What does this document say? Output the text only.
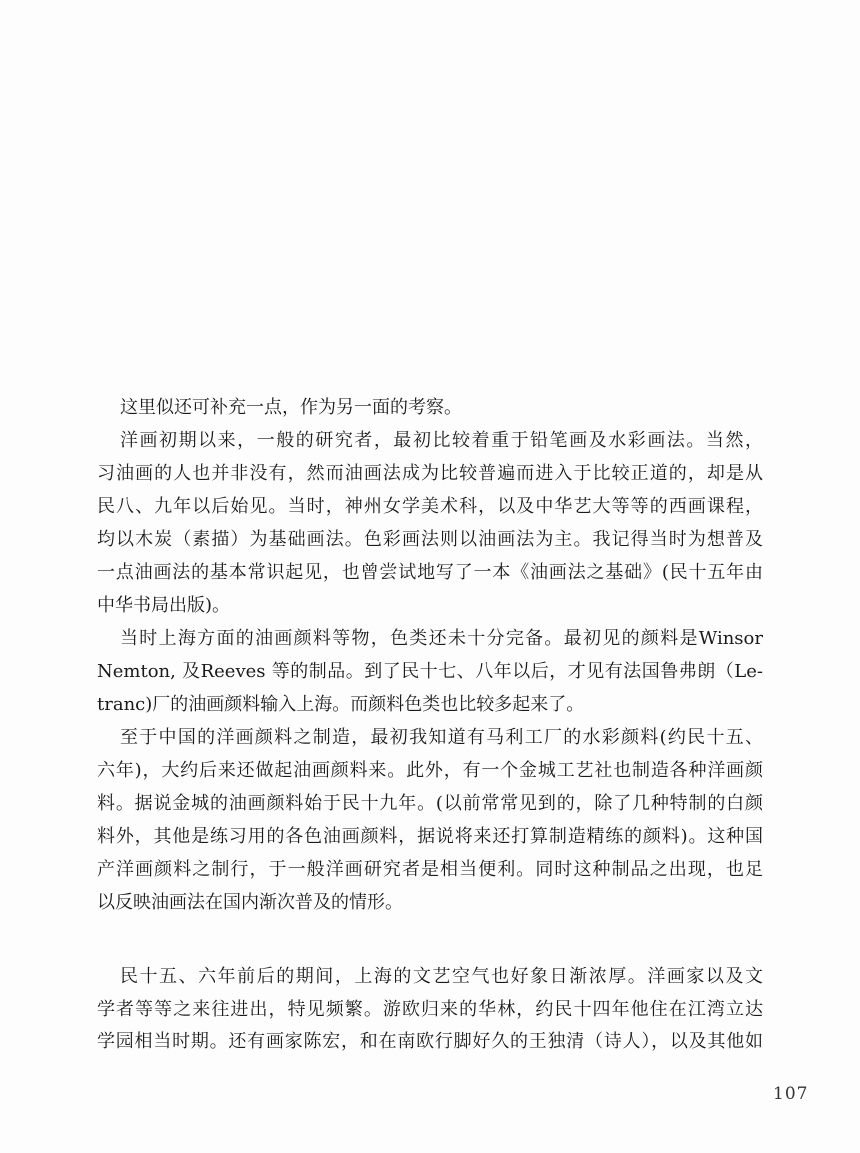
这里似还可补充一点，作为另一面的考察。
洋画初期以来，一般的研究者，最初比较着重于铅笔画及水彩画法。当然，
习油画的人也并非没有，然而油画法成为比较普遍而进入于比较正道的，却是从
民八、九年以后始见。当时，神州女学美术科，以及中华艺大等等的西画课程，
均以木炭（素描）为基础画法。色彩画法则以油画法为主。我记得当时为想普及
一点油画法的基本常识起见，也曾尝试地写了一本《油画法之基础》(民十五年由
中华书局出版)。
当时上海方面的油画颜料等物，色类还未十分完备。最初见的颜料是Winsor
Nemton, 及Reeves 等的制品。到了民十七、八年以后，才见有法国鲁弗朗（Le-
tranc)厂的油画颜料输入上海。而颜料色类也比较多起来了。
至于中国的洋画颜料之制造，最初我知道有马利工厂的水彩颜料(约民十五、
六年)，大约后来还做起油画颜料来。此外，有一个金城工艺社也制造各种洋画颜
料。据说金城的油画颜料始于民十九年。(以前常常见到的，除了几种特制的白颜
料外，其他是练习用的各色油画颜料，据说将来还打算制造精练的颜料)。这种国
产洋画颜料之制行，于一般洋画研究者是相当便利。同时这种制品之出现，也足
以反映油画法在国内渐次普及的情形。
民十五、六年前后的期间，上海的文艺空气也好象日渐浓厚。洋画家以及文
学者等等之来往进出，特见频繁。游欧归来的华林，约民十四年他住在江湾立达
学园相当时期。还有画家陈宏，和在南欧行脚好久的王独清（诗人），以及其他如
107
